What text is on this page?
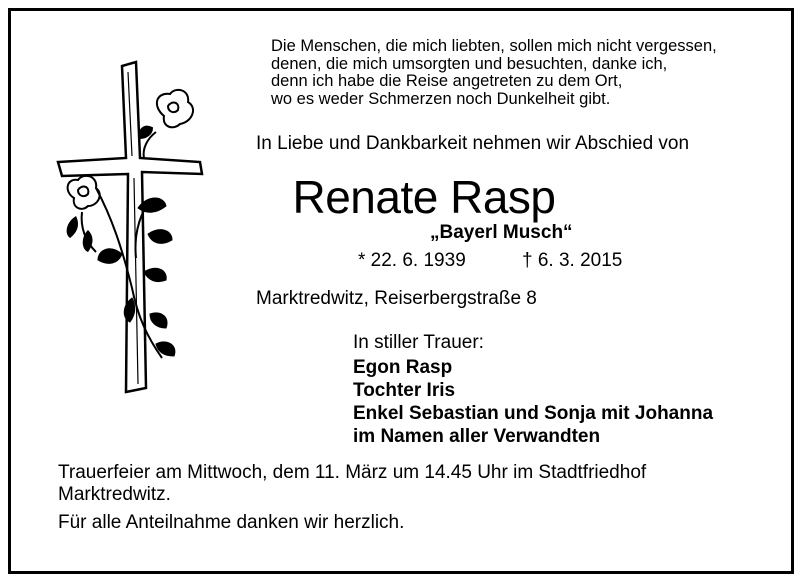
Die Menschen, die mich liebten, sollen mich nicht vergessen,
denen, die mich umsorgten und besuchten, danke ich,
denn ich habe die Reise angetreten zu dem Ort,
wo es weder Schmerzen noch Dunkelheit gibt.
In Liebe und Dankbarkeit nehmen wir Abschied von
Renate Rasp
„Bayerl Musch“
* 22. 6. 1939	† 6. 3. 2015
Marktredwitz, Reiserbergstraße 8
In stiller Trauer:
Egon Rasp
Tochter Iris
Enkel Sebastian und Sonja mit Johanna
im Namen aller Verwandten
Trauerfeier am Mittwoch, dem 11. März um 14.45 Uhr im Stadtfriedhof
Marktredwitz.
Für alle Anteilnahme danken wir herzlich.
